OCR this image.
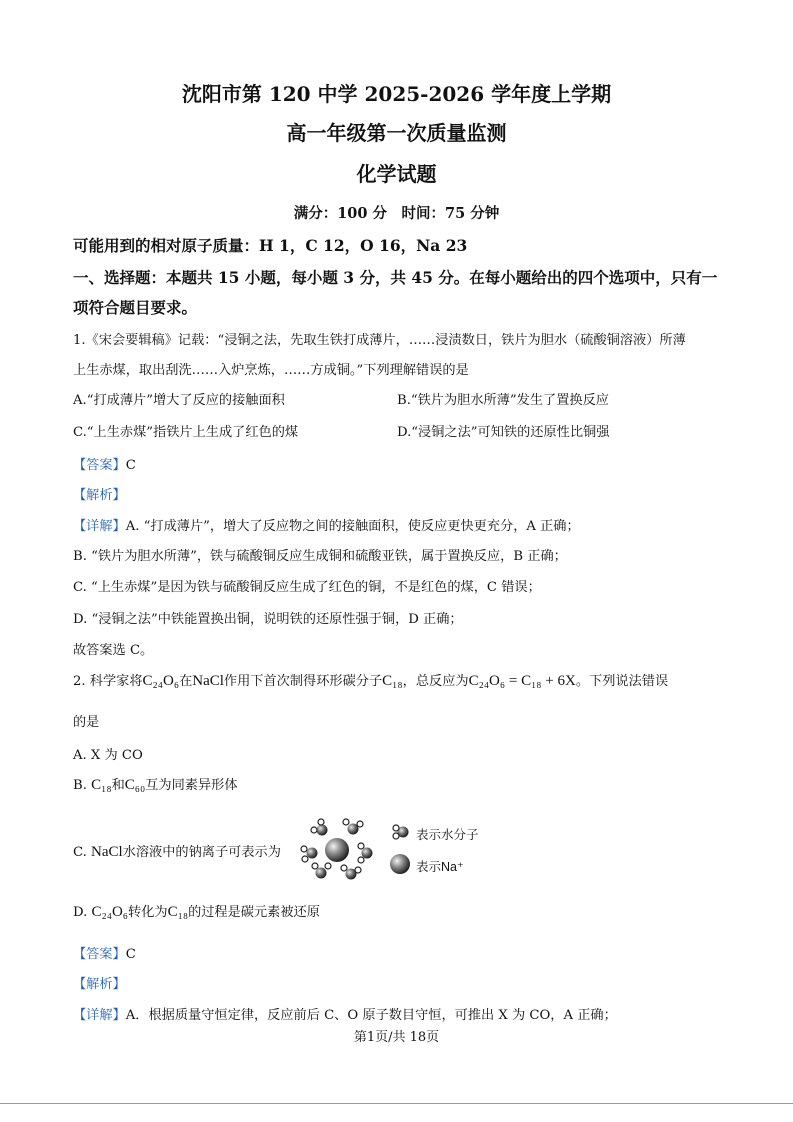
沈阳市第 120 中学 2025-2026 学年度上学期
高一年级第一次质量监测
化学试题
满分：100 分　时间：75 分钟
可能用到的相对原子质量：H 1，C 12，O 16，Na 23
一、选择题：本题共 15 小题，每小题 3 分，共 45 分。在每小题给出的四个选项中，只有一
项符合题目要求。
1.《宋会要辑稿》记载：“浸铜之法，先取生铁打成薄片，……浸渍数日，铁片为胆水（硫酸铜溶液）所薄
上生赤煤，取出刮洗……入炉烹炼，……方成铜。”下列理解错误的是
A.“打成薄片”增大了反应的接触面积	B.“铁片为胆水所薄”发生了置换反应
C.“上生赤煤”指铁片上生成了红色的煤	D.“浸铜之法”可知铁的还原性比铜强
【答案】C
【解析】
【详解】A. “打成薄片”，增大了反应物之间的接触面积，使反应更快更充分，A 正确；
B. “铁片为胆水所薄”，铁与硫酸铜反应生成铜和硫酸亚铁，属于置换反应，B 正确；
C. “上生赤煤”是因为铁与硫酸铜反应生成了红色的铜，不是红色的煤，C 错误；
D. “浸铜之法”中铁能置换出铜，说明铁的还原性强于铜，D 正确；
故答案选 C。
2. 科学家将C₂₄O₆在NaCl作用下首次制得环形碳分子C₁₈，总反应为C₂₄O₆ = C₁₈ + 6X。下列说法错误
的是
A. X 为 CO
B. C₁₈和C₆₀互为同素异形体
C. NaCl水溶液中的钠离子可表示为
表示水分子
表示Na⁺
D. C₂₄O₆转化为C₁₈的过程是碳元素被还原
【答案】C
【解析】
【详解】A．根据质量守恒定律，反应前后 C、O 原子数目守恒，可推出 X 为 CO，A 正确；
第1页/共 18页
